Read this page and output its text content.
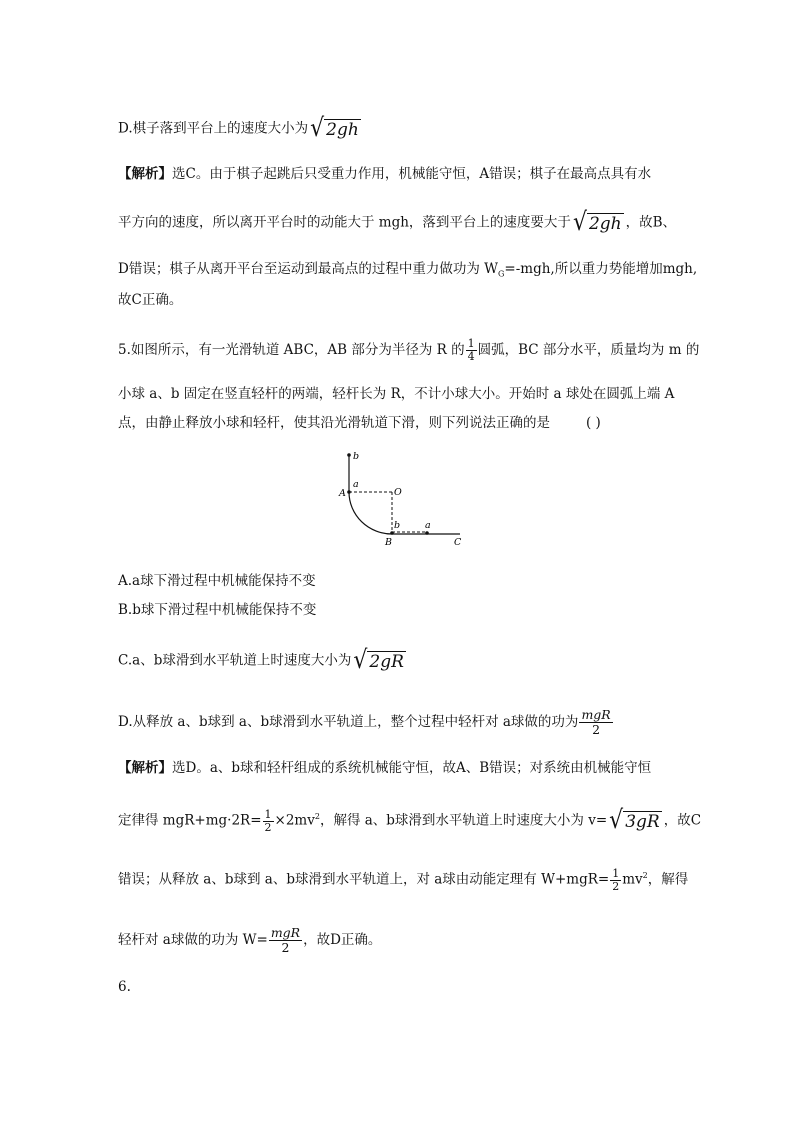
D.棋子落到平台上的速度大小为 √ 2gh
【解析】选C。由于棋子起跳后只受重力作用，机械能守恒，A错误；棋子在最高点具有水
平方向的速度，所以离开平台时的动能大于 mgh，落到平台上的速度要大于 √ 2gh ，故B、
D错误；棋子从离开平台至运动到最高点的过程中重力做功为 $W_G=$-mgh,所以重力势能增加mgh,
故C正确。
5.如图所示，有一光滑轨道 ABC，AB 部分为半径为 R 的 $\frac{1}{4}$ 圆弧，BC 部分水平，质量均为 m 的
小球 a、b 固定在竖直轻杆的两端，轻杆长为 R，不计小球大小。开始时 a 球处在圆弧上端 A
点，由静止释放小球和轻杆，使其沿光滑轨道下滑，则下列说法正确的是	( )
b
a
A	O
b	a
B	C
A.a球下滑过程中机械能保持不变
B.b球下滑过程中机械能保持不变
C.a、b球滑到水平轨道上时速度大小为 √ 2gR
D.从释放 a、b球到 a、b球滑到水平轨道上，整个过程中轻杆对 a球做的功为 $\frac{\text{mgR}}{2}$
【解析】选D。a、b球和轻杆组成的系统机械能守恒，故A、B错误；对系统由机械能守恒
定律得 $mgR+mg\cdot 2R= \frac{1}{2} \times 2mv^2$，解得 a、b球滑到水平轨道上时速度大小为 v= √ 3gR ，故C
错误；从释放 a、b球到 a、b球滑到水平轨道上，对 a球由动能定理有 $W+mgR= \frac{1}{2} mv^2$，解得
轻杆对 a球做的功为 $W= \frac{\text{mgR}}{2}$ ，故D正确。
6.
